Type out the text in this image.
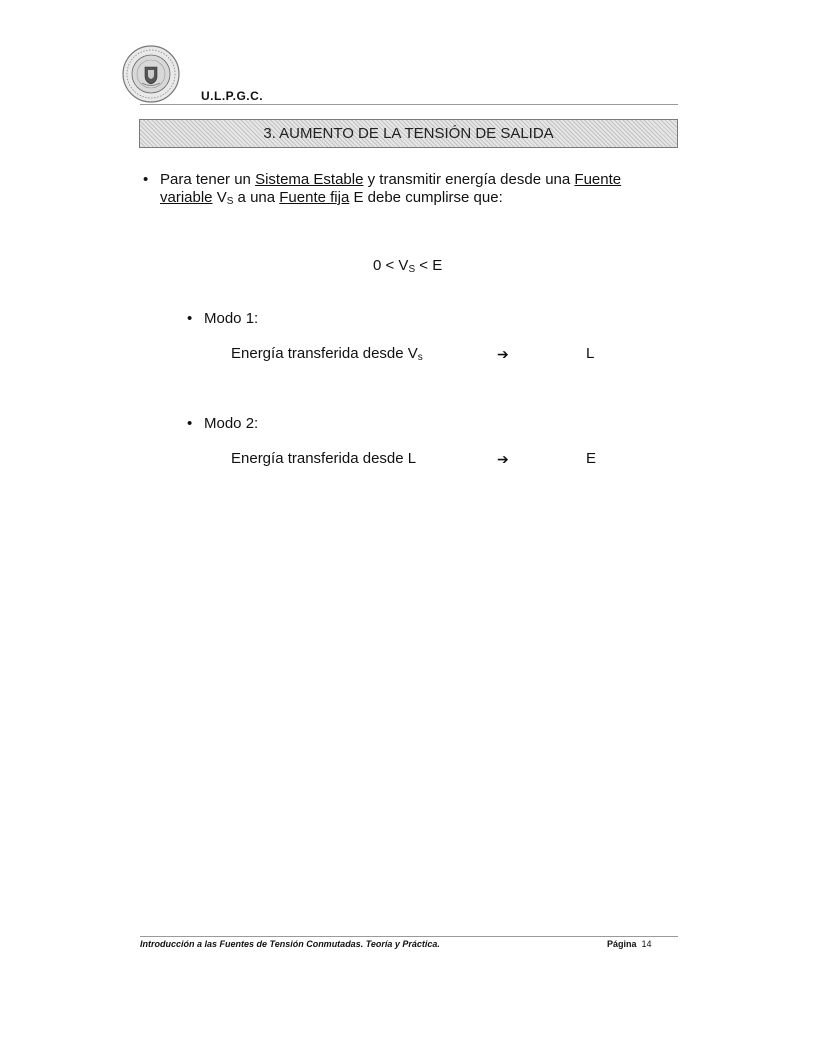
U.L.P.G.C.
3. AUMENTO DE LA TENSIÓN DE SALIDA
• Para tener un Sistema Estable y transmitir energía desde una Fuente
variable $V_S$ a una Fuente fija E debe cumplirse que:
$0 < V_S < E$
• Modo 1:
Energía transferida desde $V_s$	➔	L
• Modo 2:
Energía transferida desde L	➔	E
Introducción a las Fuentes de Tensión Conmutadas. Teoría y Práctica.	Página 14
